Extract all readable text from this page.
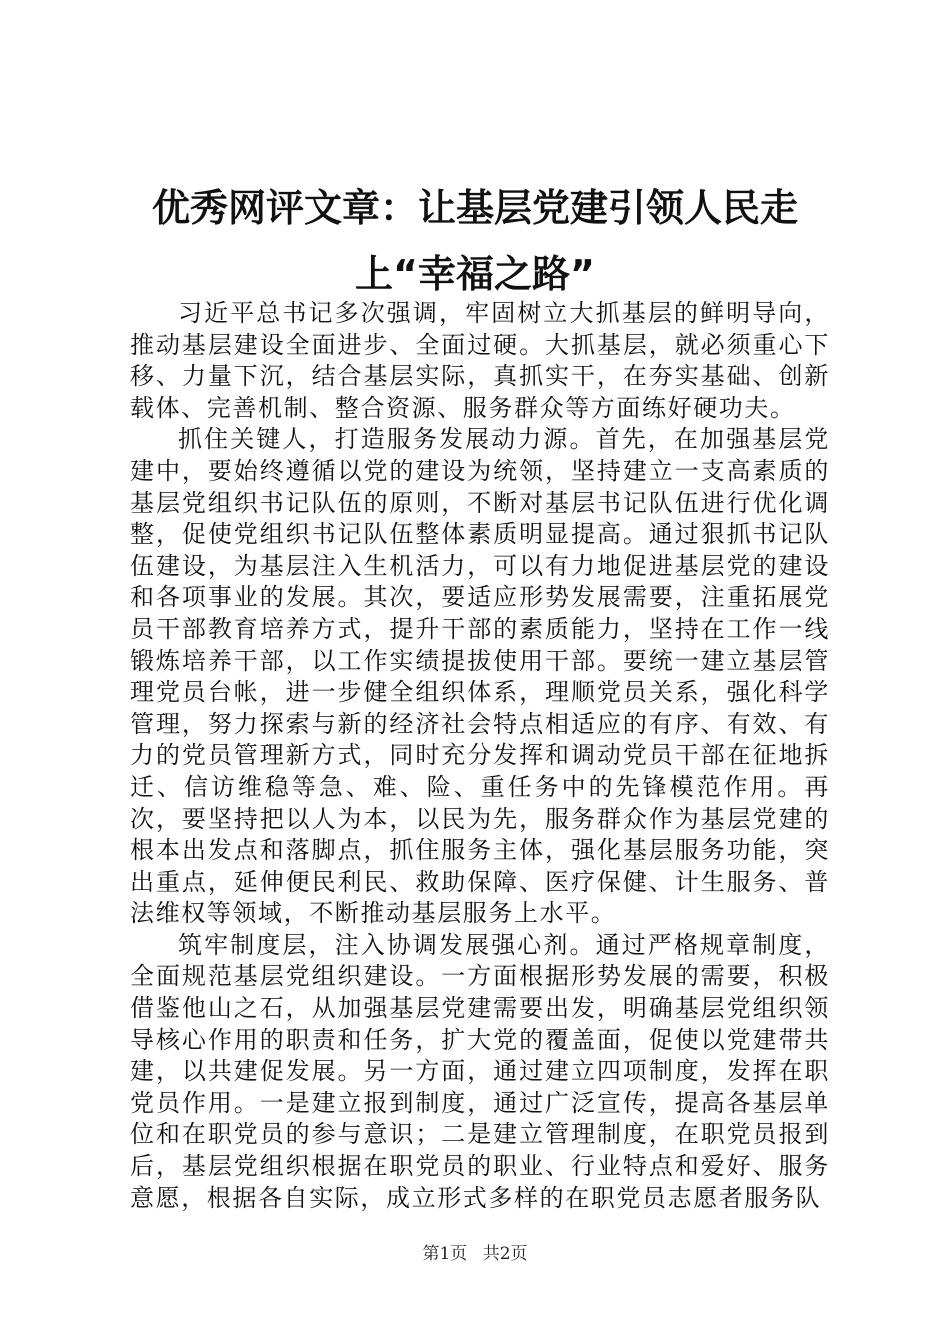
优秀网评文章：让基层党建引领人民走上“幸福之路”

习近平总书记多次强调，牢固树立大抓基层的鲜明导向，推动基层建设全面进步、全面过硬。大抓基层，就必须重心下移、力量下沉，结合基层实际，真抓实干，在夯实基础、创新载体、完善机制、整合资源、服务群众等方面练好硬功夫。

抓住关键人，打造服务发展动力源。首先，在加强基层党建中，要始终遵循以党的建设为统领，坚持建立一支高素质的基层党组织书记队伍的原则，不断对基层书记队伍进行优化调整，促使党组织书记队伍整体素质明显提高。通过狠抓书记队伍建设，为基层注入生机活力，可以有力地促进基层党的建设和各项事业的发展。其次，要适应形势发展需要，注重拓展党员干部教育培养方式，提升干部的素质能力，坚持在工作一线锻炼培养干部，以工作实绩提拔使用干部。要统一建立基层管理党员台帐，进一步健全组织体系，理顺党员关系，强化科学管理，努力探索与新的经济社会特点相适应的有序、有效、有力的党员管理新方式，同时充分发挥和调动党员干部在征地拆迁、信访维稳等急、难、险、重任务中的先锋模范作用。再次，要坚持把以人为本，以民为先，服务群众作为基层党建的根本出发点和落脚点，抓住服务主体，强化基层服务功能，突出重点，延伸便民利民、救助保障、医疗保健、计生服务、普法维权等领域，不断推动基层服务上水平。

筑牢制度层，注入协调发展强心剂。通过严格规章制度，全面规范基层党组织建设。一方面根据形势发展的需要，积极借鉴他山之石，从加强基层党建需要出发，明确基层党组织领导核心作用的职责和任务，扩大党的覆盖面，促使以党建带共建，以共建促发展。另一方面，通过建立四项制度，发挥在职党员作用。一是建立报到制度，通过广泛宣传，提高各基层单位和在职党员的参与意识；二是建立管理制度，在职党员报到后，基层党组织根据在职党员的职业、行业特点和爱好、服务意愿，根据各自实际，成立形式多样的在职党员志愿者服务队

第1页 共2页
